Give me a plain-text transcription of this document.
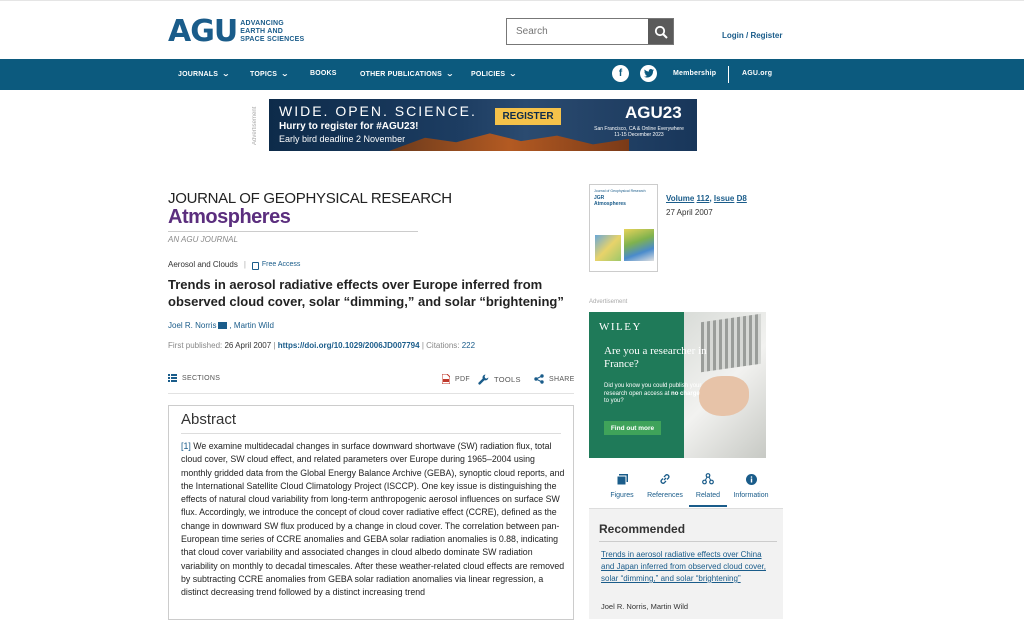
AGU ADVANCING
EARTH AND
SPACE SCIENCES
Search	Login / Register
JOURNALS ⌄	TOPICS ⌄	BOOKS	OTHER PUBLICATIONS ⌄ POLICIES ⌄	f	Membership	AGU.org
Advertisement WIDE. OPEN. SCIENCE.
Hurry to register for #AGU23!
Early bird deadline 2 November
REGISTER	AGU23
San Francisco, CA & Online Everywhere
11-15 December 2023
JOURNAL OF GEOPHYSICAL RESEARCH
Atmospheres
AN AGU JOURNAL
Aerosol and Clouds | Free Access
Trends in aerosol radiative effects over Europe inferred from observed cloud cover, solar “dimming,” and solar “brightening”
Joel R. Norris , Martin Wild
First published: 26 April 2007 | https://doi.org/10.1029/2006JD007794 | Citations: 222
SECTIONS	PDF	TOOLS	SHARE
Abstract
[1] We examine multidecadal changes in surface downward shortwave (SW) radiation flux, total cloud cover, SW cloud effect, and related parameters over Europe during 1965–2004 using monthly gridded data from the Global Energy Balance Archive (GEBA), synoptic cloud reports, and the International Satellite Cloud Climatology Project (ISCCP). One key issue is distinguishing the effects of natural cloud variability from long-term anthropogenic aerosol influences on surface SW flux. Accordingly, we introduce the concept of cloud cover radiative effect (CCRE), defined as the change in downward SW flux produced by a change in cloud cover. The correlation between pan-European time series of CCRE anomalies and GEBA solar radiation anomalies is 0.88, indicating that cloud cover variability and associated changes in cloud albedo dominate SW radiation variability on monthly to decadal timescales. After these weather-related cloud effects are removed by subtracting CCRE anomalies from GEBA solar radiation anomalies via linear regression, a distinct decreasing trend followed by a distinct increasing trend
Journal of Geophysical Research
JGR
Atmospheres
Volume 112, Issue D8
27 April 2007
Advertisement
WILEY
Are you a researcher in France?
Did you know you could publish your research open access at no charge to you?
Find out more
Figures	References	Related	Information
Recommended
Trends in aerosol radiative effects over China and Japan inferred from observed cloud cover, solar “dimming,” and solar “brightening”
Joel R. Norris, Martin Wild
